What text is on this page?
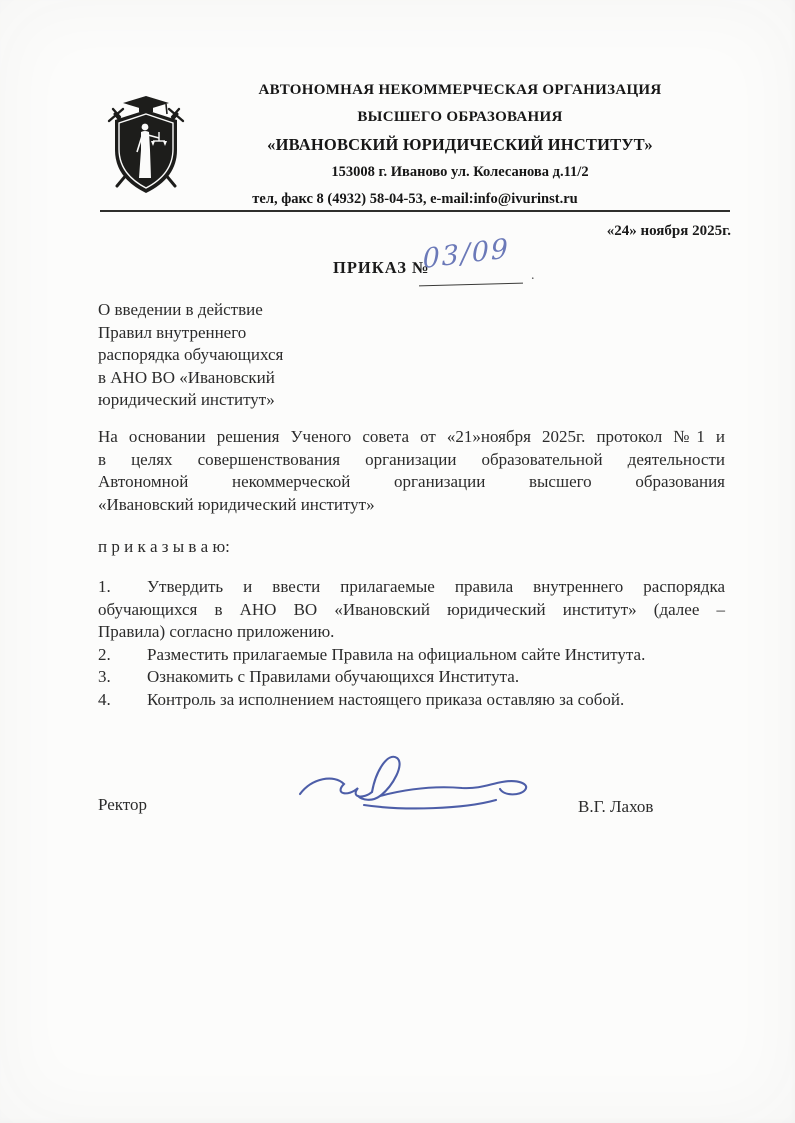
АВТОНОМНАЯ НЕКОММЕРЧЕСКАЯ ОРГАНИЗАЦИЯ
ВЫСШЕГО ОБРАЗОВАНИЯ
«ИВАНОВСКИЙ ЮРИДИЧЕСКИЙ ИНСТИТУТ»
153008 г. Иваново ул. Колесанова д.11/2
тел, факс 8 (4932) 58-04-53, e-mail:info@ivurinst.ru
«24» ноября 2025г.
ПРИКАЗ №
03/09
.
О введении в действие
Правил внутреннего
распорядка обучающихся
в АНО ВО «Ивановский
юридический институт»
На основании решения Ученого совета от «21»ноября 2025г. протокол №1 и
в целях совершенствования организации образовательной деятельности
Автономной некоммерческой организации высшего образования
«Ивановский юридический институт»
п р и к а з ы в а ю:
1. Утвердить и ввести прилагаемые правила внутреннего распорядка
обучающихся в АНО ВО «Ивановский юридический институт» (далее –
Правила) согласно приложению.
2. Разместить прилагаемые Правила на официальном сайте Института.
3. Ознакомить с Правилами обучающихся Института.
4. Контроль за исполнением настоящего приказа оставляю за собой.
Ректор	В.Г. Лахов
